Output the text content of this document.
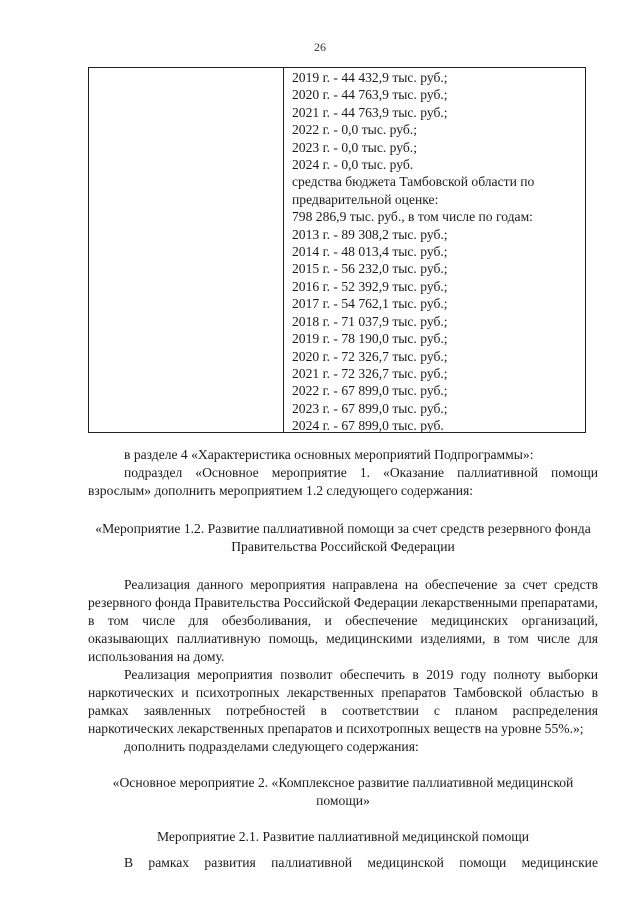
26
2019 г. - 44 432,9 тыс. руб.;
2020 г. - 44 763,9 тыс. руб.;
2021 г. - 44 763,9 тыс. руб.;
2022 г. - 0,0 тыс. руб.;
2023 г. - 0,0 тыс. руб.;
2024 г. - 0,0 тыс. руб.
средства бюджета Тамбовской области по
предварительной оценке:
798 286,9 тыс. руб., в том числе по годам:
2013 г. - 89 308,2 тыс. руб.;
2014 г. - 48 013,4 тыс. руб.;
2015 г. - 56 232,0 тыс. руб.;
2016 г. - 52 392,9 тыс. руб.;
2017 г. - 54 762,1 тыс. руб.;
2018 г. - 71 037,9 тыс. руб.;
2019 г. - 78 190,0 тыс. руб.;
2020 г. - 72 326,7 тыс. руб.;
2021 г. - 72 326,7 тыс. руб.;
2022 г. - 67 899,0 тыс. руб.;
2023 г. - 67 899,0 тыс. руб.;
2024 г. - 67 899,0 тыс. руб.

в разделе 4 «Характеристика основных мероприятий Подпрограммы»:

подраздел «Основное мероприятие 1. «Оказание паллиативной помощи взрослым» дополнить мероприятием 1.2 следующего содержания:

«Мероприятие 1.2. Развитие паллиативной помощи за счет средств резервного фонда Правительства Российской Федерации

Реализация данного мероприятия направлена на обеспечение за счет средств резервного фонда Правительства Российской Федерации лекарственными препаратами, в том числе для обезболивания, и обеспечение медицинских организаций, оказывающих паллиативную помощь, медицинскими изделиями, в том числе для использования на дому.

Реализация мероприятия позволит обеспечить в 2019 году полноту выборки наркотических и психотропных лекарственных препаратов Тамбовской областью в рамках заявленных потребностей в соответствии с планом распределения наркотических лекарственных препаратов и психотропных веществ на уровне 55%.»;

дополнить подразделами следующего содержания:

«Основное мероприятие 2. «Комплексное развитие паллиативной медицинской помощи»

Мероприятие 2.1. Развитие паллиативной медицинской помощи

В рамках развития паллиативной медицинской помощи медицинские
